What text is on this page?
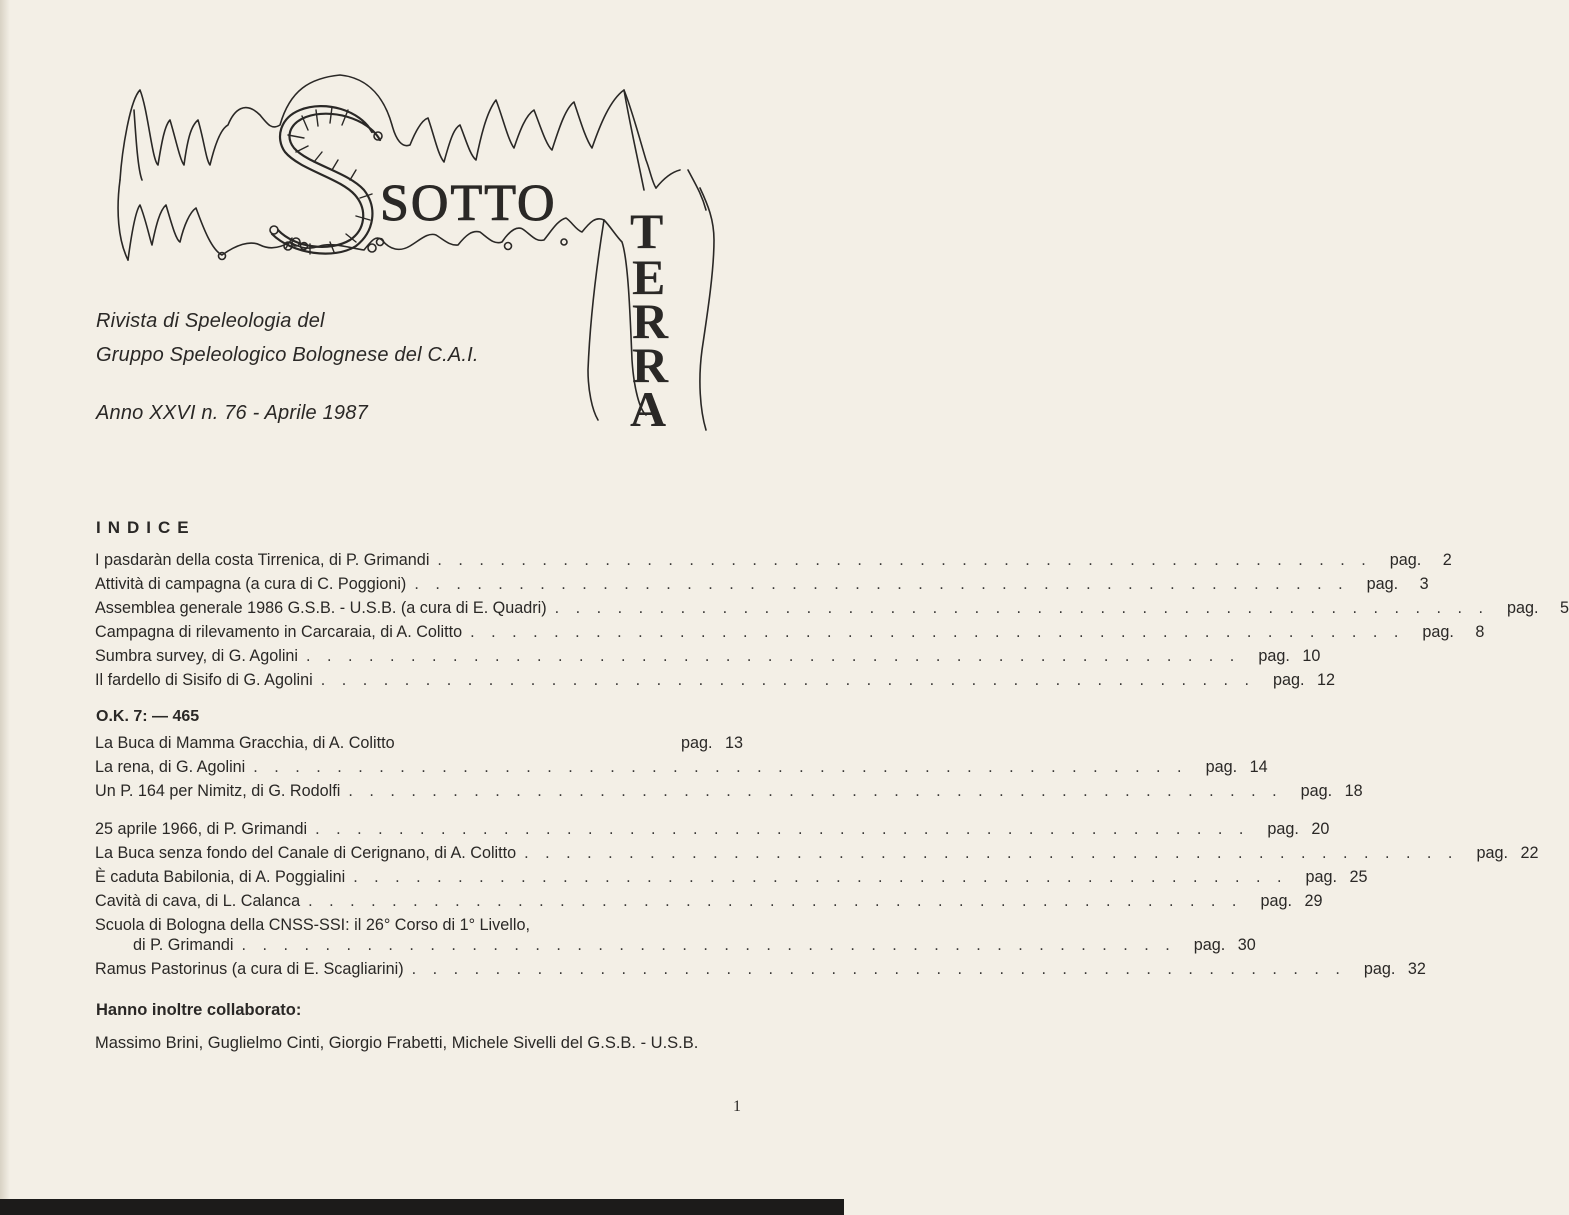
SOTTO T
E
R
R
A
Rivista di Speleologia del
Gruppo Speleologico Bolognese del C.A.I.
Anno XXVI n. 76 - Aprile 1987
INDICE
I pasdaràn della costa Tirrenica, di P. Grimandi . . . . . . . . . . . . . . . . . . . . . . . . . . . . . . . . . . . . . . . . . . . . . pag.	2
Attività di campagna (a cura di C. Poggioni) . . . . . . . . . . . . . . . . . . . . . . . . . . . . . . . . . . . . . . . . . . . . . pag.	3
Assemblea generale 1986 G.S.B. - U.S.B. (a cura di E. Quadri) . . . . . . . . . . . . . . . . . . . . . . . . . . . . . . . . . . . . . . . . . . . . . pag.	5
Campagna di rilevamento in Carcaraia, di A. Colitto . . . . . . . . . . . . . . . . . . . . . . . . . . . . . . . . . . . . . . . . . . . . . pag.	8
Sumbra survey, di G. Agolini . . . . . . . . . . . . . . . . . . . . . . . . . . . . . . . . . . . . . . . . . . . . . pag. 10
Il fardello di Sisifo di G. Agolini . . . . . . . . . . . . . . . . . . . . . . . . . . . . . . . . . . . . . . . . . . . . . pag. 12
O.K. 7: — 465
La Buca di Mamma Gracchia, di A. Colitto	pag. 13
La rena, di G. Agolini . . . . . . . . . . . . . . . . . . . . . . . . . . . . . . . . . . . . . . . . . . . . . pag. 14
Un P. 164 per Nimitz, di G. Rodolfi . . . . . . . . . . . . . . . . . . . . . . . . . . . . . . . . . . . . . . . . . . . . . pag. 18
25 aprile 1966, di P. Grimandi . . . . . . . . . . . . . . . . . . . . . . . . . . . . . . . . . . . . . . . . . . . . . pag. 20
La Buca senza fondo del Canale di Cerignano, di A. Colitto . . . . . . . . . . . . . . . . . . . . . . . . . . . . . . . . . . . . . . . . . . . . . pag. 22
È caduta Babilonia, di A. Poggialini . . . . . . . . . . . . . . . . . . . . . . . . . . . . . . . . . . . . . . . . . . . . . pag. 25
Cavità di cava, di L. Calanca . . . . . . . . . . . . . . . . . . . . . . . . . . . . . . . . . . . . . . . . . . . . . pag. 29
Scuola di Bologna della CNSS-SSI: il 26° Corso di 1° Livello,
di P. Grimandi . . . . . . . . . . . . . . . . . . . . . . . . . . . . . . . . . . . . . . . . . . . . . pag. 30
Ramus Pastorinus (a cura di E. Scagliarini) . . . . . . . . . . . . . . . . . . . . . . . . . . . . . . . . . . . . . . . . . . . . . pag. 32
Hanno inoltre collaborato:
Massimo Brini, Guglielmo Cinti, Giorgio Frabetti, Michele Sivelli del G.S.B. - U.S.B.
1
